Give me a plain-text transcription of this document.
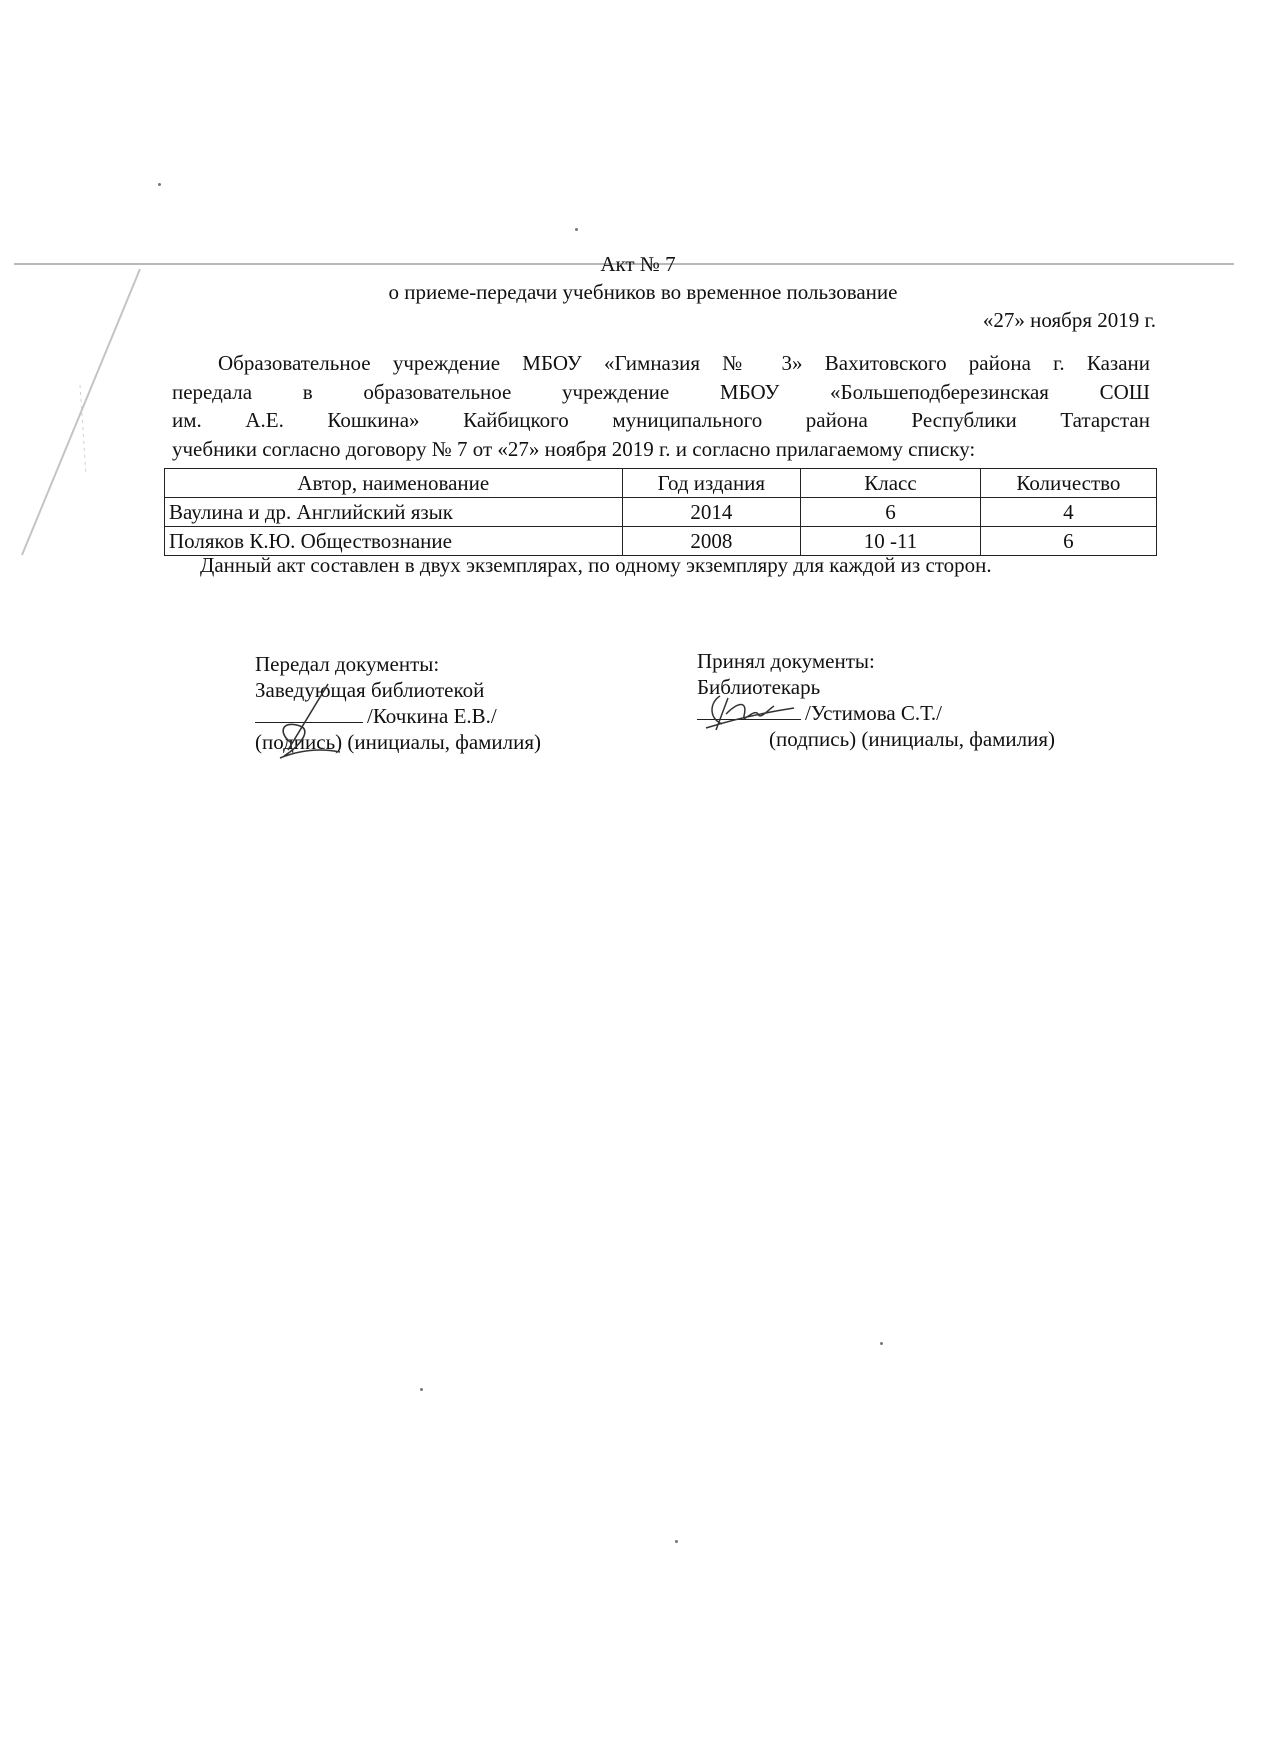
Акт № 7
о приеме-передачи учебников во временное пользование
«27» ноября 2019 г.
Образовательное учреждение МБОУ «Гимназия № 3» Вахитовского района г. Казани
передала в образовательное учреждение МБОУ «Большеподберезинская СОШ
им. А.Е. Кошкина» Кайбицкого муниципального района Республики Татарстан
учебники согласно договору № 7 от «27» ноября 2019 г. и согласно прилагаемому списку:
Автор, наименование	Год издания	Класс	Количество
Ваулина и др. Английский язык	2014	6	4
Поляков К.Ю. Обществознание	2008	10 -11	6
Данный акт составлен в двух экземплярах, по одному экземпляру для каждой из сторон.
Передал документы:
Заведующая библиотекой
/Кочкина Е.В./
(подпись) (инициалы, фамилия)
Принял документы:
Библиотекарь
/Устимова С.Т./
(подпись) (инициалы, фамилия)
